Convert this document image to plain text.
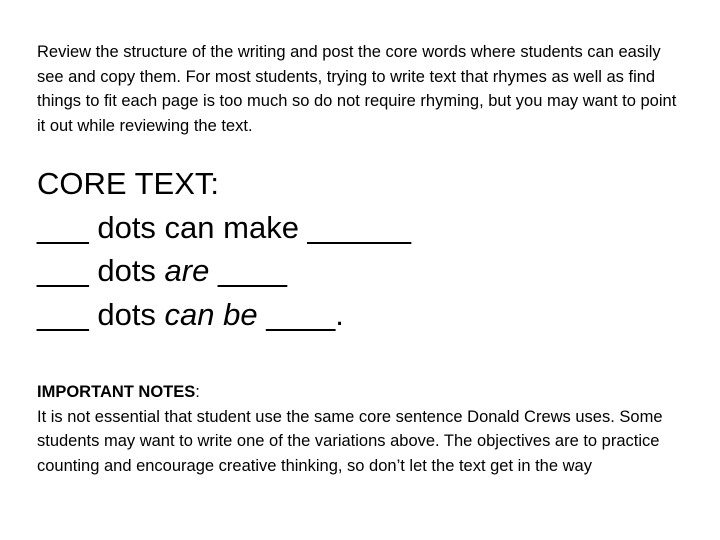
Review the structure of the writing and post the core words where students can easily see and copy them. For most students, trying to write text that rhymes as well as find things to fit each page is too much so do not require rhyming, but you may want to point it out while reviewing the text.
CORE TEXT:
___ dots can make ______
___ dots are ____
___ dots can be ____.
IMPORTANT NOTES:
It is not essential that student use the same core sentence Donald Crews uses. Some students may want to write one of the variations above. The objectives are to practice counting and encourage creative thinking, so don’t let the text get in the way
